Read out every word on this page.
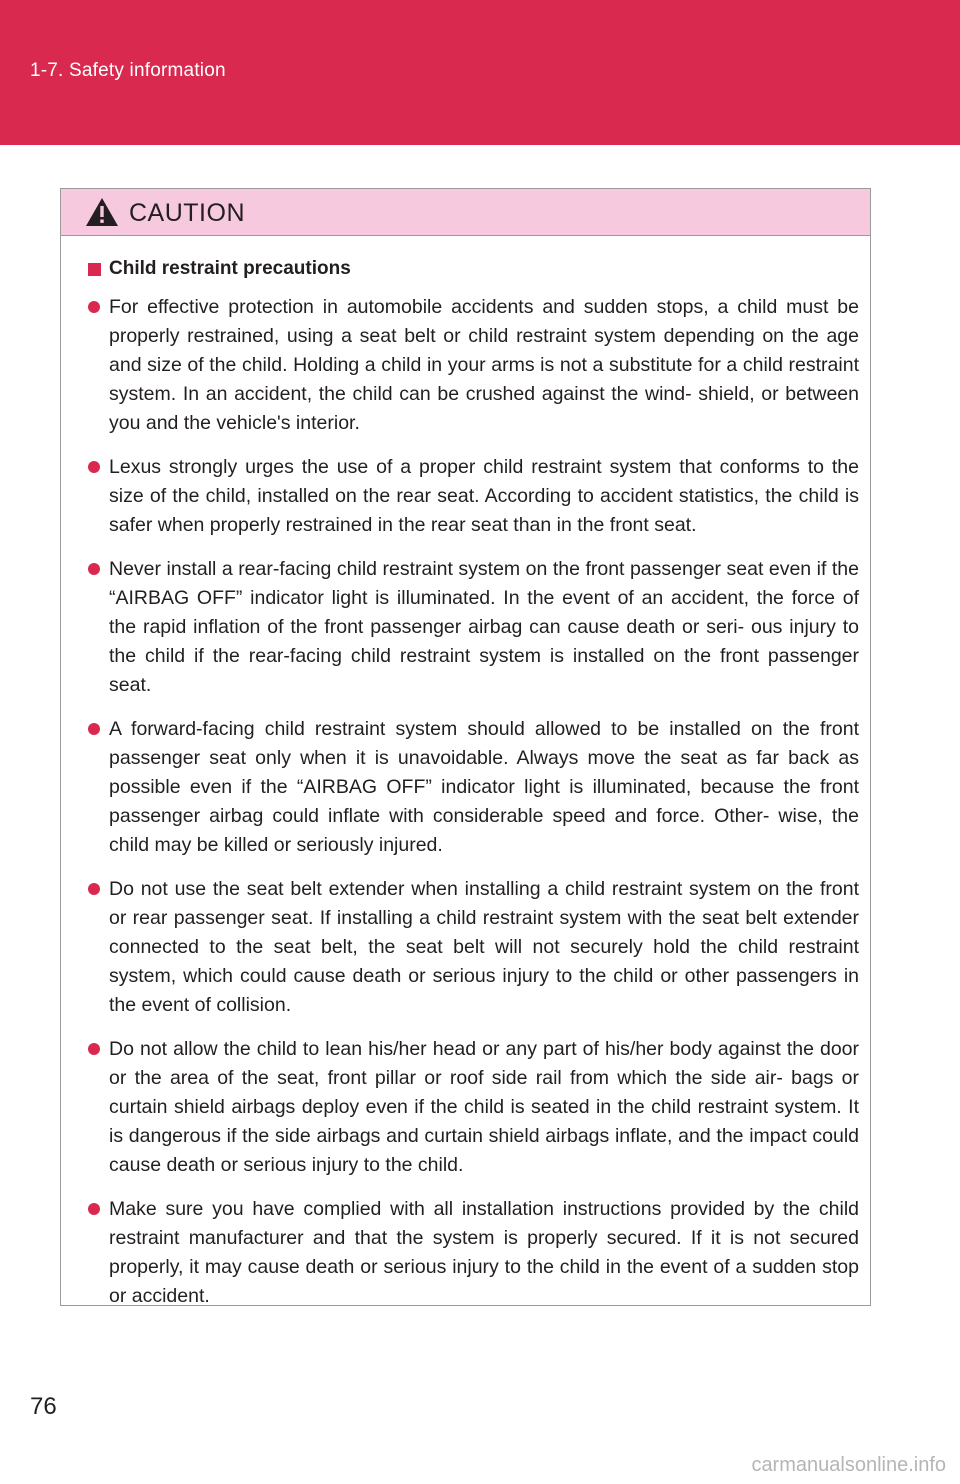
1-7. Safety information
CAUTION
Child restraint precautions
For effective protection in automobile accidents and sudden stops, a child must be properly restrained, using a seat belt or child restraint system depending on the age and size of the child. Holding a child in your arms is not a substitute for a child restraint system. In an accident, the child can be crushed against the wind- shield, or between you and the vehicle's interior.
Lexus strongly urges the use of a proper child restraint system that conforms to the size of the child, installed on the rear seat. According to accident statistics, the child is safer when properly restrained in the rear seat than in the front seat.
Never install a rear-facing child restraint system on the front passenger seat even if the “AIRBAG OFF” indicator light is illuminated. In the event of an accident, the force of the rapid inflation of the front passenger airbag can cause death or seri- ous injury to the child if the rear-facing child restraint system is installed on the front passenger seat.
A forward-facing child restraint system should allowed to be installed on the front passenger seat only when it is unavoidable. Always move the seat as far back as possible even if the “AIRBAG OFF” indicator light is illuminated, because the front passenger airbag could inflate with considerable speed and force. Other- wise, the child may be killed or seriously injured.
Do not use the seat belt extender when installing a child restraint system on the front or rear passenger seat. If installing a child restraint system with the seat belt extender connected to the seat belt, the seat belt will not securely hold the child restraint system, which could cause death or serious injury to the child or other passengers in the event of collision.
Do not allow the child to lean his/her head or any part of his/her body against the door or the area of the seat, front pillar or roof side rail from which the side air- bags or curtain shield airbags deploy even if the child is seated in the child restraint system. It is dangerous if the side airbags and curtain shield airbags inflate, and the impact could cause death or serious injury to the child.
Make sure you have complied with all installation instructions provided by the child restraint manufacturer and that the system is properly secured. If it is not secured properly, it may cause death or serious injury to the child in the event of a sudden stop or accident.
76
carmanualsonline.info
